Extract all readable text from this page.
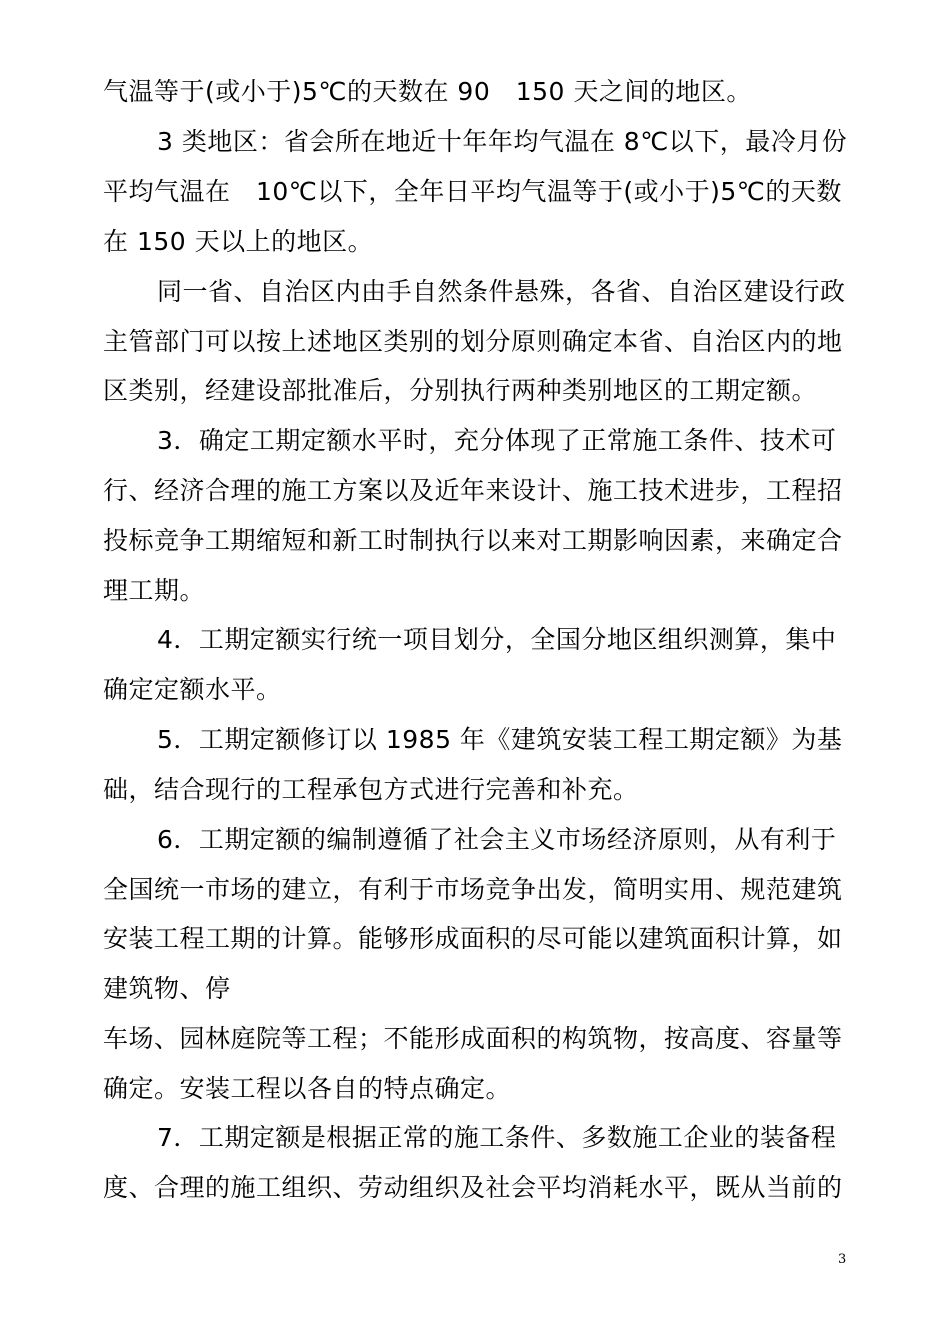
气温等于(或小于)5℃的天数在 90　150 天之间的地区。
3 类地区：省会所在地近十年年均气温在 8℃以下，最冷月份
平均气温在　10℃以下，全年日平均气温等于(或小于)5℃的天数
在 150 天以上的地区。
同一省、自治区内由手自然条件悬殊，各省、自治区建设行政
主管部门可以按上述地区类别的划分原则确定本省、自治区内的地
区类别，经建设部批准后，分别执行两种类别地区的工期定额。
3．确定工期定额水平时，充分体现了正常施工条件、技术可
行、经济合理的施工方案以及近年来设计、施工技术进步，工程招
投标竞争工期缩短和新工时制执行以来对工期影响因素，来确定合
理工期。
4．工期定额实行统一项目划分，全国分地区组织测算，集中
确定定额水平。
5．工期定额修订以 1985 年《建筑安装工程工期定额》为基
础，结合现行的工程承包方式进行完善和补充。
6．工期定额的编制遵循了社会主义市场经济原则，从有利于
全国统一市场的建立，有利于市场竞争出发，简明实用、规范建筑
安装工程工期的计算。能够形成面积的尽可能以建筑面积计算，如
建筑物、停
车场、园林庭院等工程；不能形成面积的构筑物，按高度、容量等
确定。安装工程以各自的特点确定。
7．工期定额是根据正常的施工条件、多数施工企业的装备程
度、合理的施工组织、劳动组织及社会平均消耗水平，既从当前的
3
